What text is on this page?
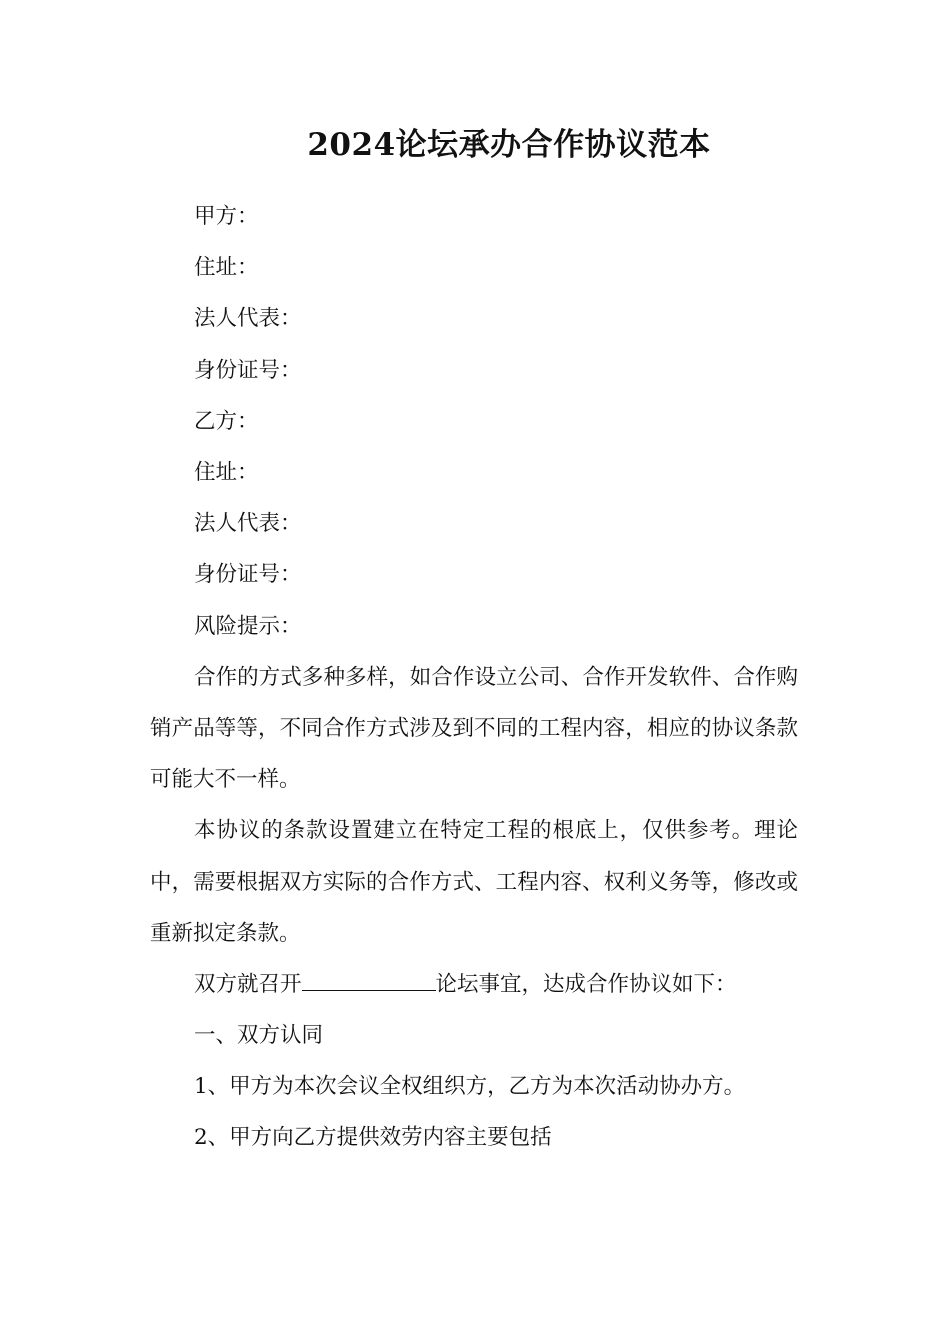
2024论坛承办合作协议范本
甲方：
住址：
法人代表：
身份证号：
乙方：
住址：
法人代表：
身份证号：
风险提示：

合作的方式多种多样，如合作设立公司、合作开发软件、合作购销产品等等，不同合作方式涉及到不同的工程内容，相应的协议条款可能大不一样。

本协议的条款设置建立在特定工程的根底上，仅供参考。理论中，需要根据双方实际的合作方式、工程内容、权利义务等，修改或重新拟定条款。

双方就召开	论坛事宜，达成合作协议如下：
一、双方认同
1、甲方为本次会议全权组织方，乙方为本次活动协办方。
2、甲方向乙方提供效劳内容主要包括
